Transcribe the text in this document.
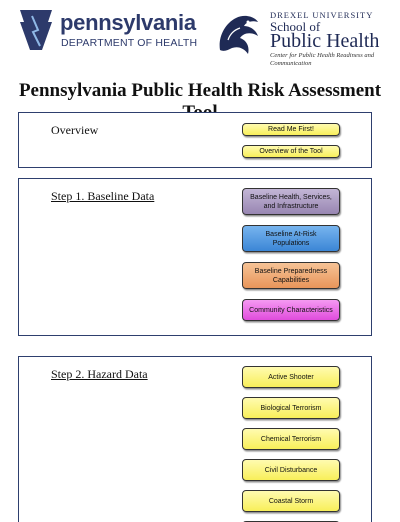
pennsylvania
DEPARTMENT OF HEALTH
DREXEL UNIVERSITY
School of
Public Health
Center for Public Health Readiness and Communication
Pennsylvania Public Health Risk Assessment
Overview	Read Me First!
Overview of the Tool
Step 1. Baseline Data	Baseline Health, Services, and Infrastructure
Baseline At-Risk Populations
Baseline Preparedness Capabilities
Community Characteristics
Step 2. Hazard Data	Active Shooter
Biological Terrorism
Chemical Terrorism
Civil Disturbance
Coastal Storm
